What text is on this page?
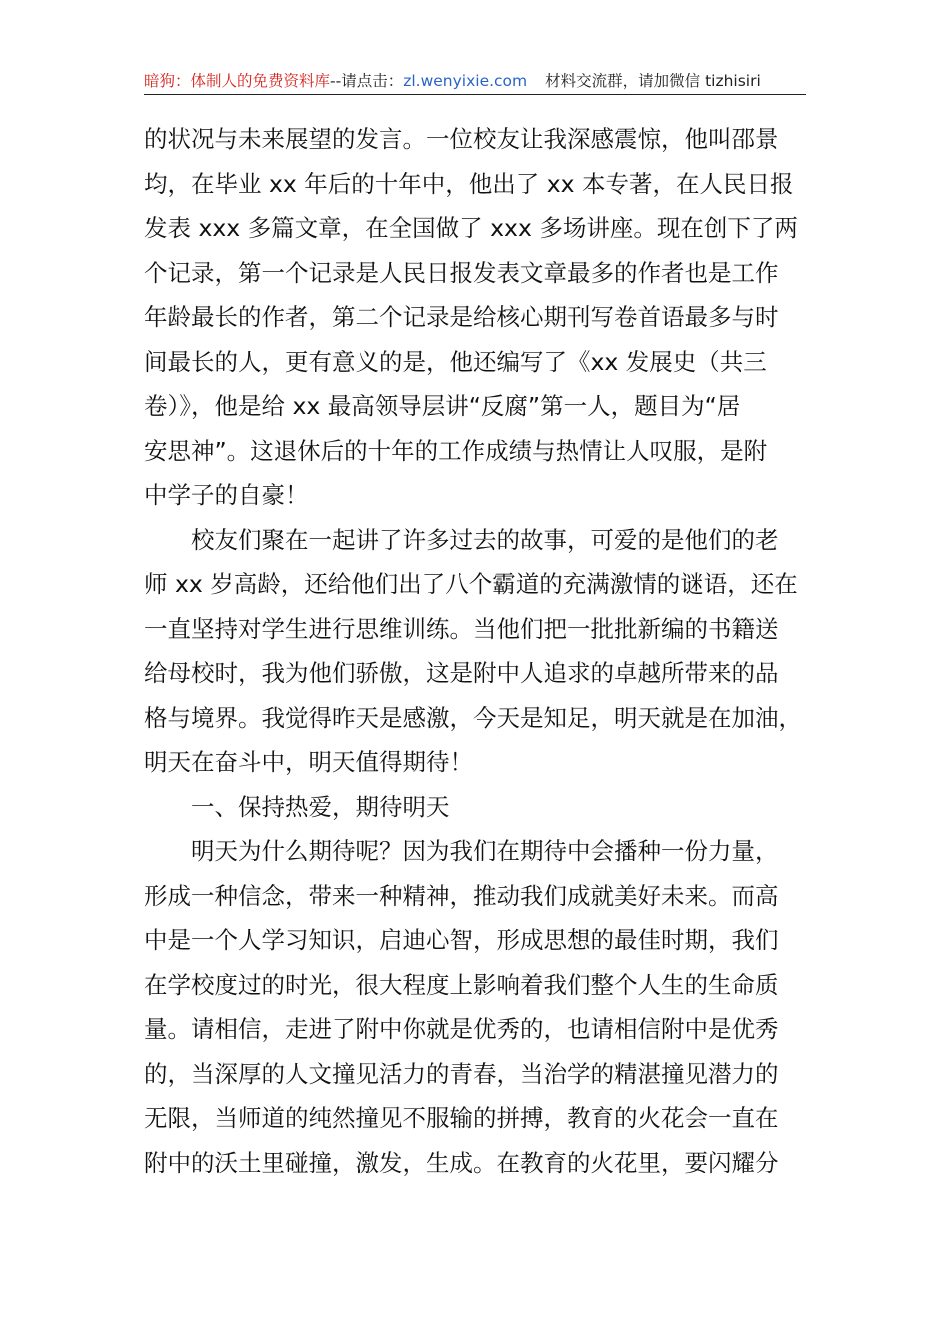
暗狗：体制人的免费资料库--请点击：zl.wenyixie.com 材料交流群，请加微信 tizhisiri
的状况与未来展望的发言。一位校友让我深感震惊，他叫邵景
均，在毕业 xx 年后的十年中，他出了 xx 本专著，在人民日报
发表 xxx 多篇文章，在全国做了 xxx 多场讲座。现在创下了两
个记录，第一个记录是人民日报发表文章最多的作者也是工作
年龄最长的作者，第二个记录是给核心期刊写卷首语最多与时
间最长的人，更有意义的是，他还编写了《xx 发展史（共三
卷）》，他是给 xx 最高领导层讲“反腐”第一人，题目为“居
安思神”。这退休后的十年的工作成绩与热情让人叹服，是附
中学子的自豪！
　　校友们聚在一起讲了许多过去的故事，可爱的是他们的老
师 xx 岁高龄，还给他们出了八个霸道的充满激情的谜语，还在
一直坚持对学生进行思维训练。当他们把一批批新编的书籍送
给母校时，我为他们骄傲，这是附中人追求的卓越所带来的品
格与境界。我觉得昨天是感激，今天是知足，明天就是在加油，
明天在奋斗中，明天值得期待！
　　一、保持热爱，期待明天
　　明天为什么期待呢？因为我们在期待中会播种一份力量，
形成一种信念，带来一种精神，推动我们成就美好未来。而高
中是一个人学习知识，启迪心智，形成思想的最佳时期，我们
在学校度过的时光，很大程度上影响着我们整个人生的生命质
量。请相信，走进了附中你就是优秀的，也请相信附中是优秀
的，当深厚的人文撞见活力的青春，当治学的精湛撞见潜力的
无限，当师道的纯然撞见不服输的拼搏，教育的火花会一直在
附中的沃土里碰撞，激发，生成。在教育的火花里，要闪耀分
